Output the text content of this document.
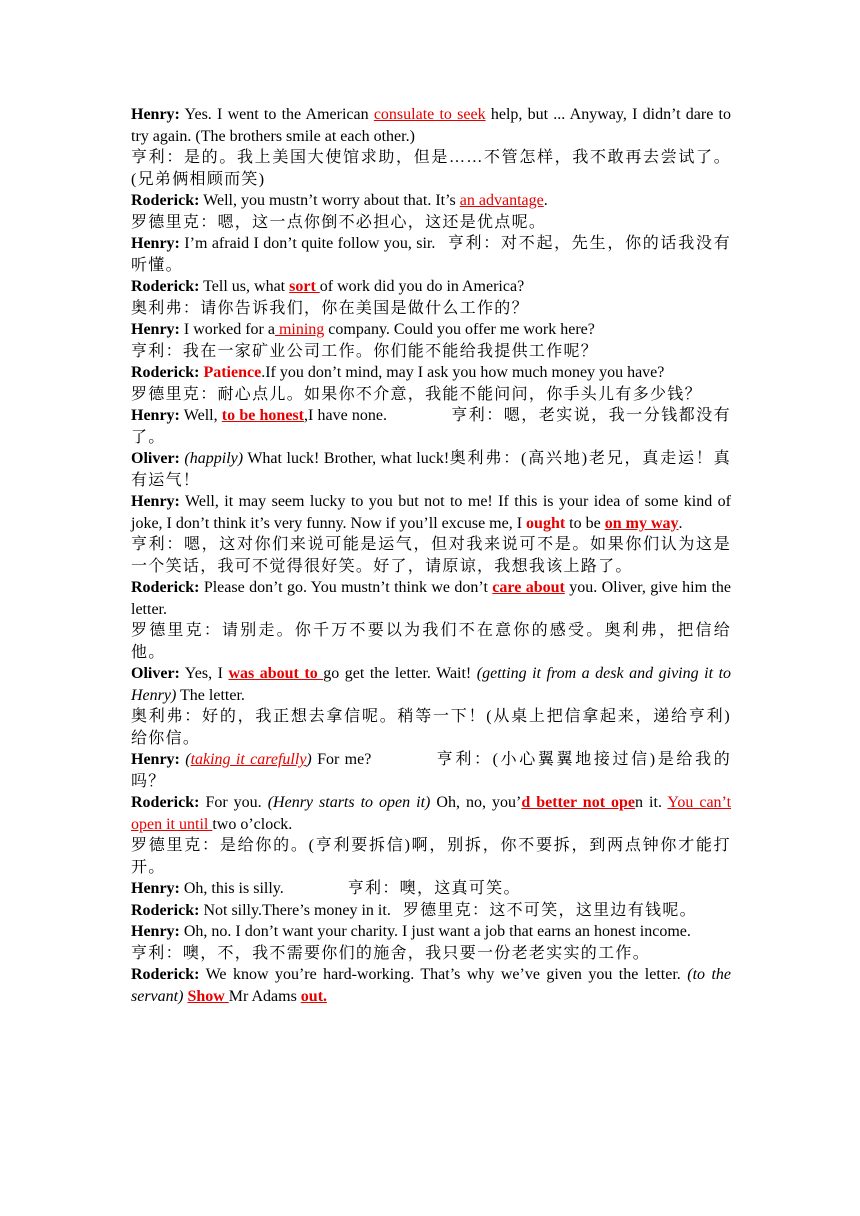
Henry: Yes. I went to the American consulate to seek help, but ... Anyway, I didn’t dare to try again. (The brothers smile at each other.)

亨利：是的。我上美国大使馆求助，但是……不管怎样，我不敢再去尝试了。(兄弟俩相顾而笑)

Roderick: Well, you mustn’t worry about that. It’s an advantage.

罗德里克：嗯，这一点你倒不必担心，这还是优点呢。

Henry: I’m afraid I don’t quite follow you, sir. 亨利：对不起，先生，你的话我没有听懂。

Roderick: Tell us, what sort of work did you do in America?

奥利弗：请你告诉我们，你在美国是做什么工作的？

Henry: I worked for a mining company. Could you offer me work here?

亨利：我在一家矿业公司工作。你们能不能给我提供工作呢？

Roderick: Patience.If you don’t mind, may I ask you how much money you have?

罗德里克：耐心点儿。如果你不介意，我能不能问问，你手头儿有多少钱？

Henry: Well, to be honest,I have none.	亨利：嗯，老实说，我一分钱都没有了。

Oliver: (happily) What luck! Brother, what luck!奥利弗：(高兴地)老兄，真走运！真有运气！

Henry: Well, it may seem lucky to you but not to me! If this is your idea of some kind of joke, I don’t think it’s very funny. Now if you’ll excuse me, I ought to be on my way.

亨利：嗯，这对你们来说可能是运气，但对我来说可不是。如果你们认为这是一个笑话，我可不觉得很好笑。好了，请原谅，我想我该上路了。

Roderick: Please don’t go. You mustn’t think we don’t care about you. Oliver, give him the letter.

罗德里克：请别走。你千万不要以为我们不在意你的感受。奥利弗，把信给他。

Oliver: Yes, I was about to go get the letter. Wait! (getting it from a desk and giving it to Henry) The letter.

奥利弗：好的，我正想去拿信呢。稍等一下！(从桌上把信拿起来，递给亨利)给你信。

Henry: (taking it carefully) For me?	亨利：(小心翼翼地接过信)是给我的吗？

Roderick: For you. (Henry starts to open it) Oh, no, you’d better not open it. You can’t open it until two o’clock.

罗德里克：是给你的。(亨利要拆信)啊，别拆，你不要拆，到两点钟你才能打开。

Henry: Oh, this is silly.	亨利：噢，这真可笑。

Roderick: Not silly.There’s money in it. 罗德里克：这不可笑，这里边有钱呢。

Henry: Oh, no. I don’t want your charity. I just want a job that earns an honest income.

亨利：噢，不，我不需要你们的施舍，我只要一份老老实实的工作。

Roderick: We know you’re hard-working. That’s why we’ve given you the letter. (to the servant) Show Mr Adams out.
